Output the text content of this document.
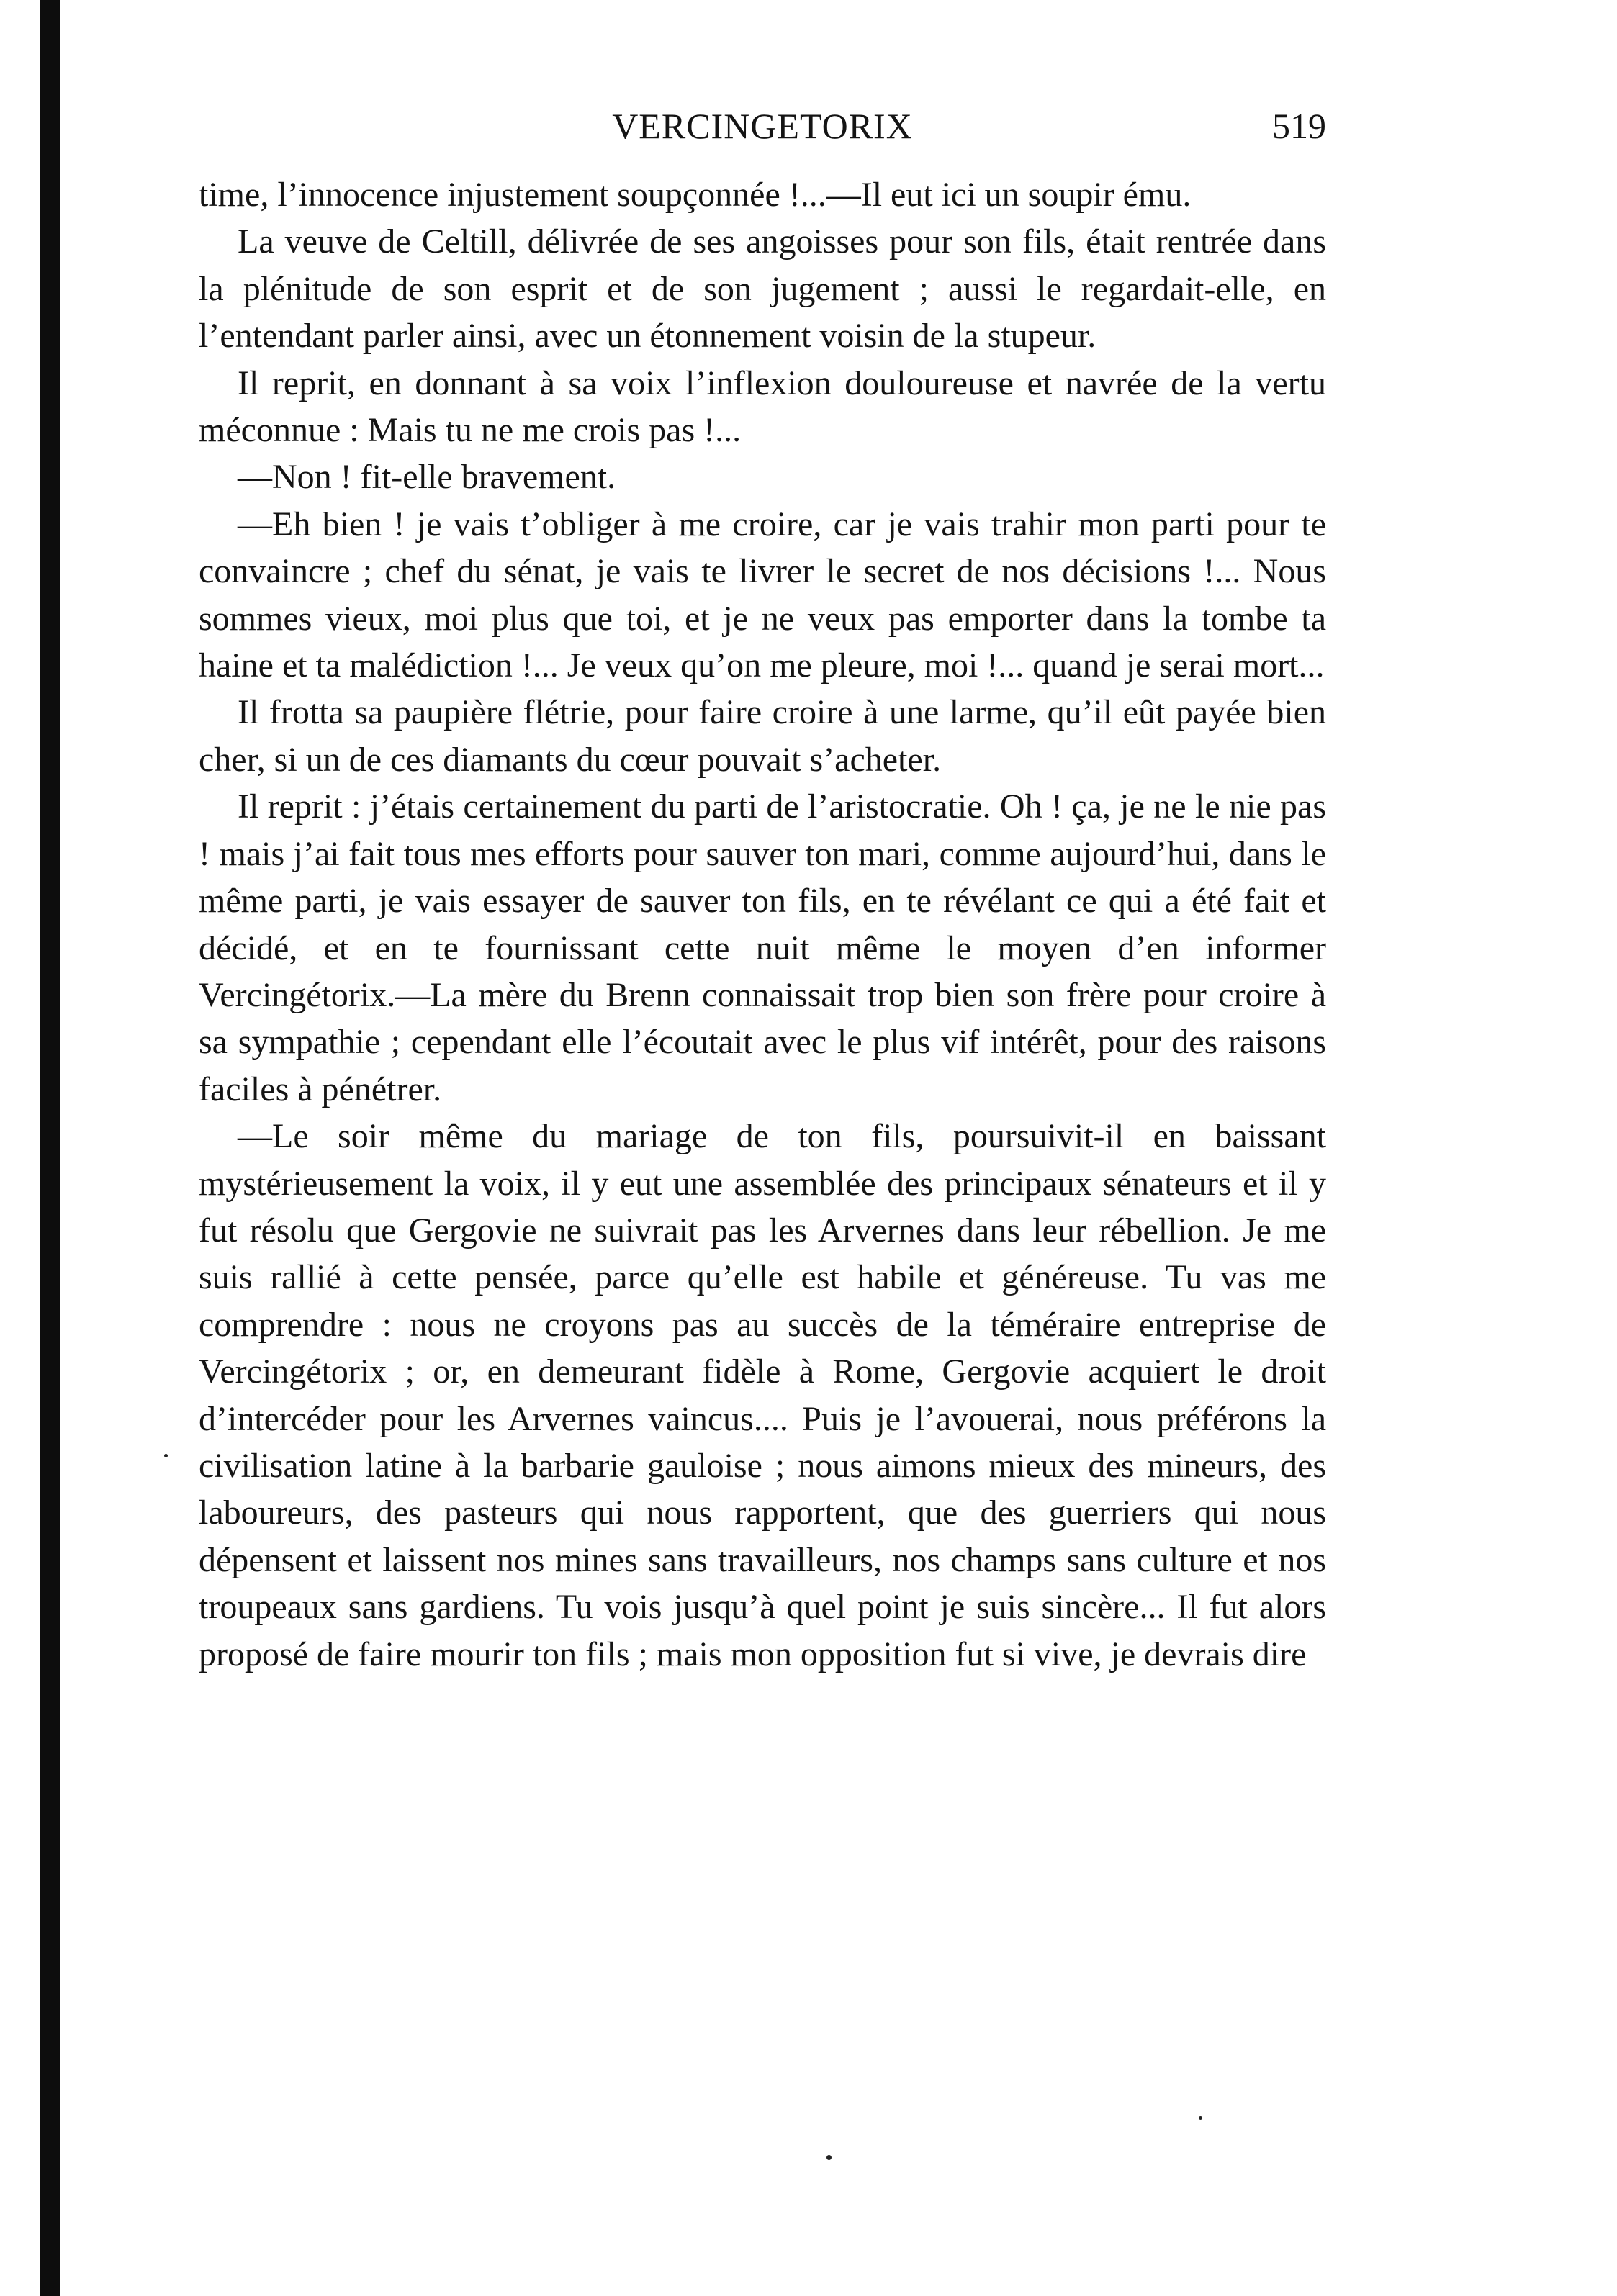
VERCINGETORIX	519

time, l’innocence injustement soupçonnée !...—Il eut ici un soupir ému.

La veuve de Celtill, délivrée de ses angoisses pour son fils, était rentrée dans la plénitude de son esprit et de son jugement ; aussi le regardait-elle, en l’entendant parler ainsi, avec un étonnement voisin de la stupeur.

Il reprit, en donnant à sa voix l’inflexion douloureuse et navrée de la vertu méconnue : Mais tu ne me crois pas !...

—Non ! fit-elle bravement.

—Eh bien ! je vais t’obliger à me croire, car je vais trahir mon parti pour te convaincre ; chef du sénat, je vais te livrer le secret de nos décisions !... Nous sommes vieux, moi plus que toi, et je ne veux pas emporter dans la tombe ta haine et ta malédiction !... Je veux qu’on me pleure, moi !... quand je serai mort...

Il frotta sa paupière flétrie, pour faire croire à une larme, qu’il eût payée bien cher, si un de ces diamants du cœur pouvait s’acheter.

Il reprit : j’étais certainement du parti de l’aristocratie. Oh ! ça, je ne le nie pas ! mais j’ai fait tous mes efforts pour sauver ton mari, comme aujourd’hui, dans le même parti, je vais essayer de sauver ton fils, en te révélant ce qui a été fait et décidé, et en te fournissant cette nuit même le moyen d’en informer Vercingétorix.—La mère du Brenn connaissait trop bien son frère pour croire à sa sympathie ; cependant elle l’écoutait avec le plus vif intérêt, pour des raisons faciles à pénétrer.

—Le soir même du mariage de ton fils, poursuivit-il en baissant mystérieusement la voix, il y eut une assemblée des principaux sénateurs et il y fut résolu que Gergovie ne suivrait pas les Arvernes dans leur rébellion. Je me suis rallié à cette pensée, parce qu’elle est habile et généreuse. Tu vas me comprendre : nous ne croyons pas au succès de la téméraire entreprise de Vercingétorix ; or, en demeurant fidèle à Rome, Gergovie acquiert le droit d’intercéder pour les Arvernes vaincus.... Puis je l’avouerai, nous préférons la civilisation latine à la barbarie gauloise ; nous aimons mieux des mineurs, des laboureurs, des pasteurs qui nous rapportent, que des guerriers qui nous dépensent et laissent nos mines sans travailleurs, nos champs sans culture et nos troupeaux sans gardiens. Tu vois jusqu’à quel point je suis sincère... Il fut alors proposé de faire mourir ton fils ; mais mon opposition fut si vive, je devrais dire
